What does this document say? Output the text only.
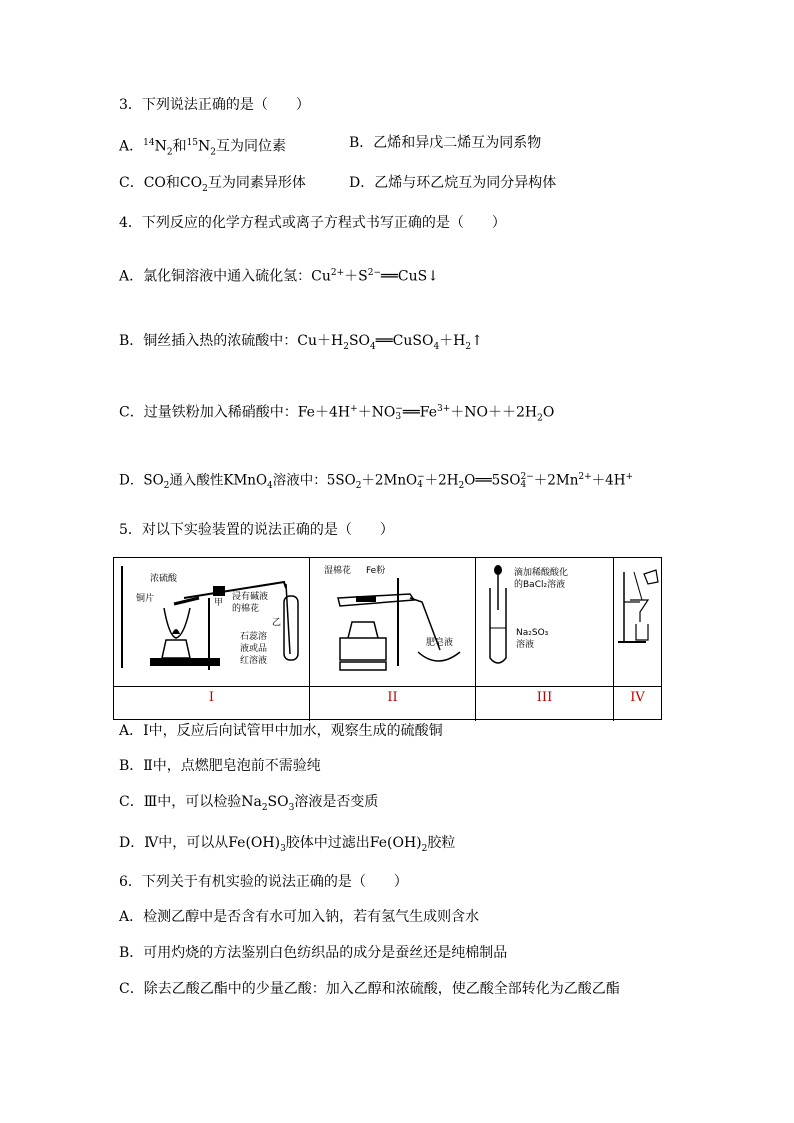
3．下列说法正确的是（　　）
A．$^{14}N_2$和$^{15}N_2$互为同位素	B．乙烯和异戊二烯互为同系物
C．CO和$CO_2$互为同素异形体	D．乙烯与环乙烷互为同分异构体
4．下列反应的化学方程式或离子方程式书写正确的是（　　）
A．氯化铜溶液中通入硫化氢：$Cu^{2+}+S^{2-}══CuS↓$
B．铜丝插入热的浓硫酸中：$Cu+H_2SO_4══CuSO_4+H_2↑$
C．过量铁粉加入稀硝酸中：Fe＋4H+＋NO −
3 $══Fe^{3+}+NO++2H_2O$
D．$SO_2$通入酸性KMnO$_4$溶液中：$5SO_2+2MnO$ −
$4 +2H_2O══5SO$ 2−
$4 +2Mn^{2+}+4H^+$
5．对以下实验装置的说法正确的是（　　）
浓硫酸
铜片	甲
浸有碱液
的棉花
乙
石蕊溶
液或品
红溶液
湿棉花 Fe粉
肥皂液
滴加稀酸酸化
的BaCl₂溶液
Na₂SO₃
溶液
I	II	III	IV
A．Ⅰ中，反应后向试管甲中加水，观察生成的硫酸铜
B．Ⅱ中，点燃肥皂泡前不需验纯
C．Ⅲ中，可以检验$Na_2SO_3$溶液是否变质
D．Ⅳ中，可以从$Fe(OH)_3$胶体中过滤出$Fe(OH)_2$胶粒
6．下列关于有机实验的说法正确的是（　　）
A．检测乙醇中是否含有水可加入钠，若有氢气生成则含水
B．可用灼烧的方法鉴别白色纺织品的成分是蚕丝还是纯棉制品
C．除去乙酸乙酯中的少量乙酸：加入乙醇和浓硫酸，使乙酸全部转化为乙酸乙酯
